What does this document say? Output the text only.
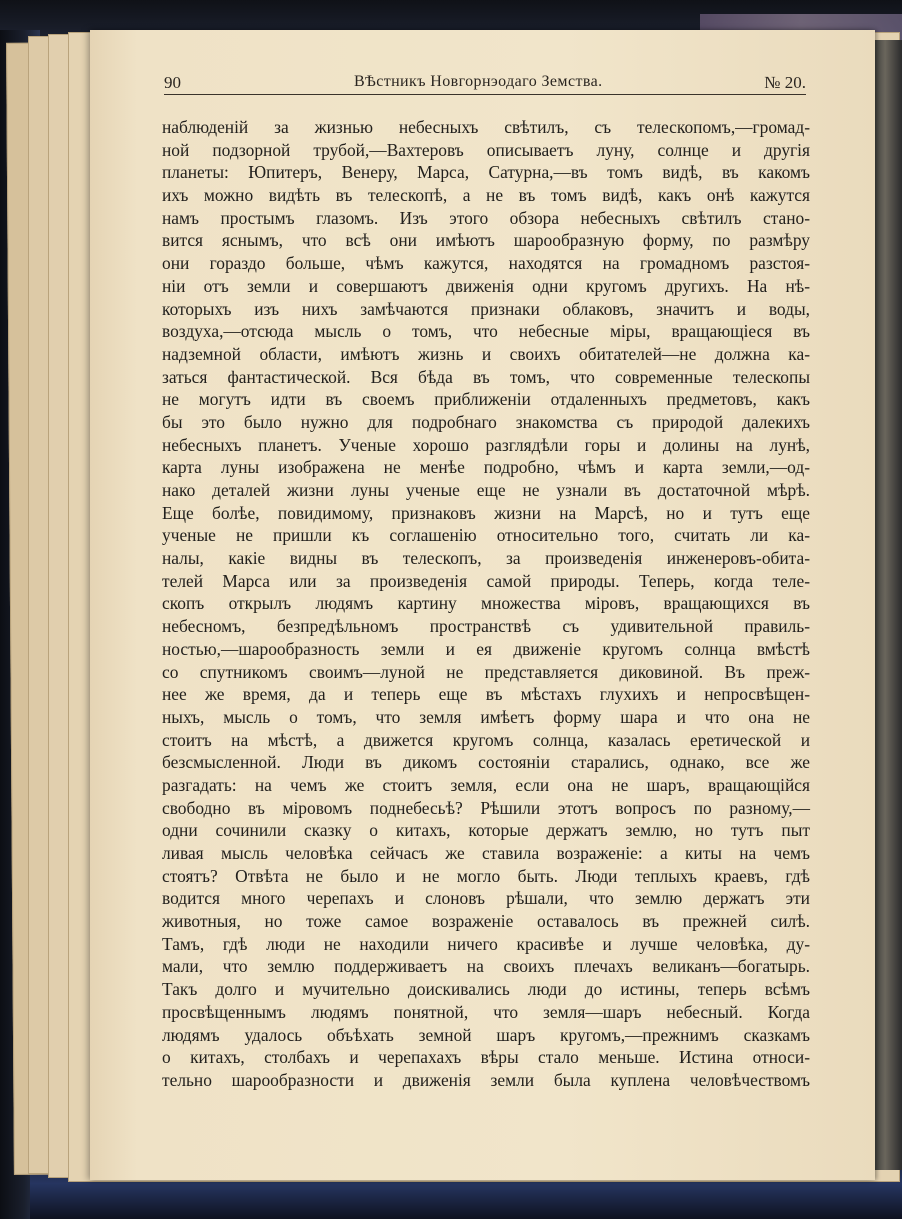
90	ВѢстникъ Новгорнэодаго Земства.	№ 20.
наблюденій за жизнью небесныхъ свѣтилъ, съ телескопомъ,—громад-
ной подзорной трубой,—Вахтеровъ описываетъ луну, солнце и другія
планеты: Юпитеръ, Венеру, Марса, Сатурна,—въ томъ видѣ, въ какомъ
ихъ можно видѣть въ телескопѣ, а не въ томъ видѣ, какъ онѣ кажутся
намъ простымъ глазомъ. Изъ этого обзора небесныхъ свѣтилъ стано-
вится яснымъ, что всѣ они имѣютъ шарообразную форму, по размѣру
они гораздо больше, чѣмъ кажутся, находятся на громадномъ разстоя-
ніи отъ земли и совершаютъ движенія одни кругомъ другихъ. На нѣ-
которыхъ изъ нихъ замѣчаются признаки облаковъ, значитъ и воды,
воздуха,—отсюда мысль о томъ, что небесные міры, вращающіеся въ
надземной области, имѣютъ жизнь и своихъ обитателей—не должна ка-
заться фантастической. Вся бѣда въ томъ, что современные телескопы
не могутъ идти въ своемъ приближеніи отдаленныхъ предметовъ, какъ
бы это было нужно для подробнаго знакомства съ природой далекихъ
небесныхъ планетъ. Ученые хорошо разглядѣли горы и долины на лунѣ,
карта луны изображена не менѣе подробно, чѣмъ и карта земли,—од-
нако деталей жизни луны ученые еще не узнали въ достаточной мѣрѣ.
Еще болѣе, повидимому, признаковъ жизни на Марсѣ, но и тутъ еще
ученые не пришли къ соглашенію относительно того, считать ли ка-
налы, какіе видны въ телескопъ, за произведенія инженеровъ-обита-
телей Марса или за произведенія самой природы. Теперь, когда теле-
скопъ открылъ людямъ картину множества міровъ, вращающихся въ
небесномъ, безпредѣльномъ пространствѣ съ удивительной правиль-
ностью,—шарообразность земли и ея движеніе кругомъ солнца вмѣстѣ
со спутникомъ своимъ—луной не представляется диковиной. Въ преж-
нее же время, да и теперь еще въ мѣстахъ глухихъ и непросвѣщен-
ныхъ, мысль о томъ, что земля имѣетъ форму шара и что она не
стоитъ на мѣстѣ, а движется кругомъ солнца, казалась еретической и
безсмысленной. Люди въ дикомъ состояніи старались, однако, все же
разгадать: на чемъ же стоитъ земля, если она не шаръ, вращающійся
свободно въ міровомъ поднебесьѣ? Рѣшили этотъ вопросъ по разному,—
одни сочинили сказку о китахъ, которые держатъ землю, но тутъ пыт
ливая мысль человѣка сейчасъ же ставила возраженіе: а киты на чемъ
стоятъ? Отвѣта не было и не могло быть. Люди теплыхъ краевъ, гдѣ
водится много черепахъ и слоновъ рѣшали, что землю держатъ эти
животныя, но тоже самое возраженіе оставалось въ прежней силѣ.
Тамъ, гдѣ люди не находили ничего красивѣе и лучше человѣка, ду-
мали, что землю поддерживаетъ на своихъ плечахъ великанъ—богатырь.
Такъ долго и мучительно доискивались люди до истины, теперь всѣмъ
просвѣщеннымъ людямъ понятной, что земля—шаръ небесный. Когда
людямъ удалось объѣхать земной шаръ кругомъ,—прежнимъ сказкамъ
о китахъ, столбахъ и черепахахъ вѣры стало меньше. Истина относи-
тельно шарообразности и движенія земли была куплена человѣчествомъ
